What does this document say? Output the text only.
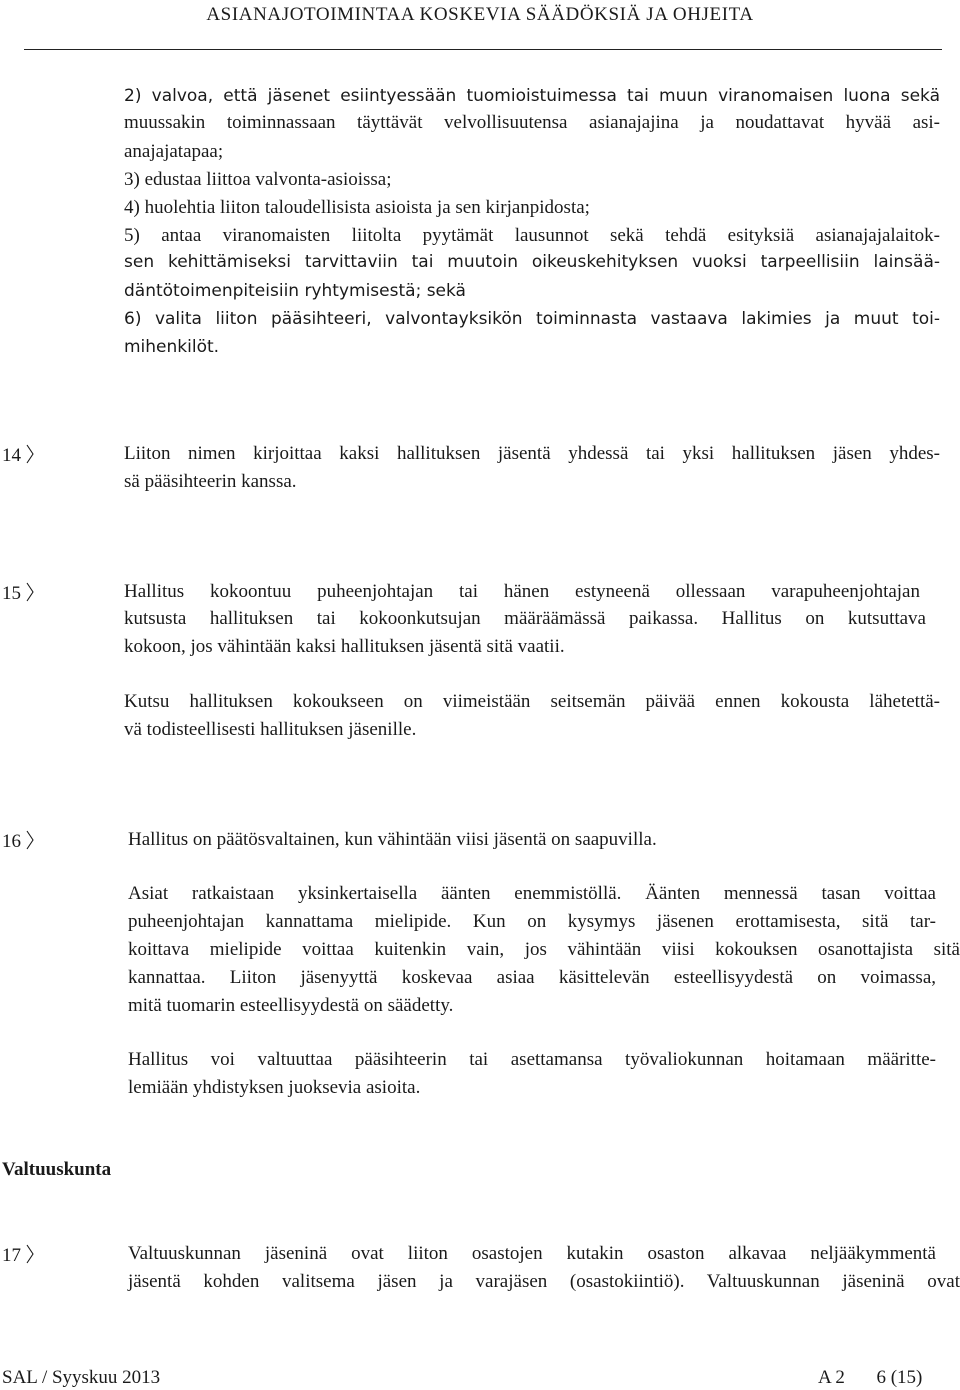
ASIANAJOTOIMINTAA KOSKEVIA SÄÄDÖKSIÄ JA OHJEITA
2) valvoa, että jäsenet esiintyessään tuomioistuimessa tai muun viranomaisen luona sekä
muussakin toiminnassaan täyttävät velvollisuutensa asianajajina ja noudattavat hyvää asi-
anajajatapaa;
3) edustaa liittoa valvonta-asioissa;
4) huolehtia liiton taloudellisista asioista ja sen kirjanpidosta;
5) antaa viranomaisten liitolta pyytämät lausunnot sekä tehdä esityksiä asianajajalaitok-
sen kehittämiseksi tarvittaviin tai muutoin oikeuskehityksen vuoksi tarpeellisiin lainsää-
däntötoimenpiteisiin ryhtymisestä; sekä
6) valita liiton pääsihteeri, valvontayksikön toiminnasta vastaava lakimies ja muut toi-
mihenkilöt.
14	Liiton nimen kirjoittaa kaksi hallituksen jäsentä yhdessä tai yksi hallituksen jäsen yhdes-
sä pääsihteerin kanssa.
15	Hallitus kokoontuu puheenjohtajan tai hänen estyneenä ollessaan varapuheenjohtajan
kutsusta hallituksen tai kokoonkutsujan määräämässä paikassa. Hallitus on kutsuttava
kokoon, jos vähintään kaksi hallituksen jäsentä sitä vaatii.
Kutsu hallituksen kokoukseen on viimeistään seitsemän päivää ennen kokousta lähetettä-
vä todisteellisesti hallituksen jäsenille.
16	Hallitus on päätösvaltainen, kun vähintään viisi jäsentä on saapuvilla.
Asiat ratkaistaan yksinkertaisella äänten enemmistöllä. Äänten mennessä tasan voittaa
puheenjohtajan kannattama mielipide. Kun on kysymys jäsenen erottamisesta, sitä tar-
koittava mielipide voittaa kuitenkin vain, jos vähintään viisi kokouksen osanottajista sitä
kannattaa. Liiton jäsenyyttä koskevaa asiaa käsittelevän esteellisyydestä on voimassa,
mitä tuomarin esteellisyydestä on säädetty.
Hallitus voi valtuuttaa pääsihteerin tai asettamansa työvaliokunnan hoitamaan määritte-
lemiään yhdistyksen juoksevia asioita.
Valtuuskunta
17	Valtuuskunnan jäseninä ovat liiton osastojen kutakin osaston alkavaa neljääkymmentä
jäsentä kohden valitsema jäsen ja varajäsen (osastokiintiö). Valtuuskunnan jäseninä ovat
SAL / Syyskuu 2013	A 2 6 (15)
